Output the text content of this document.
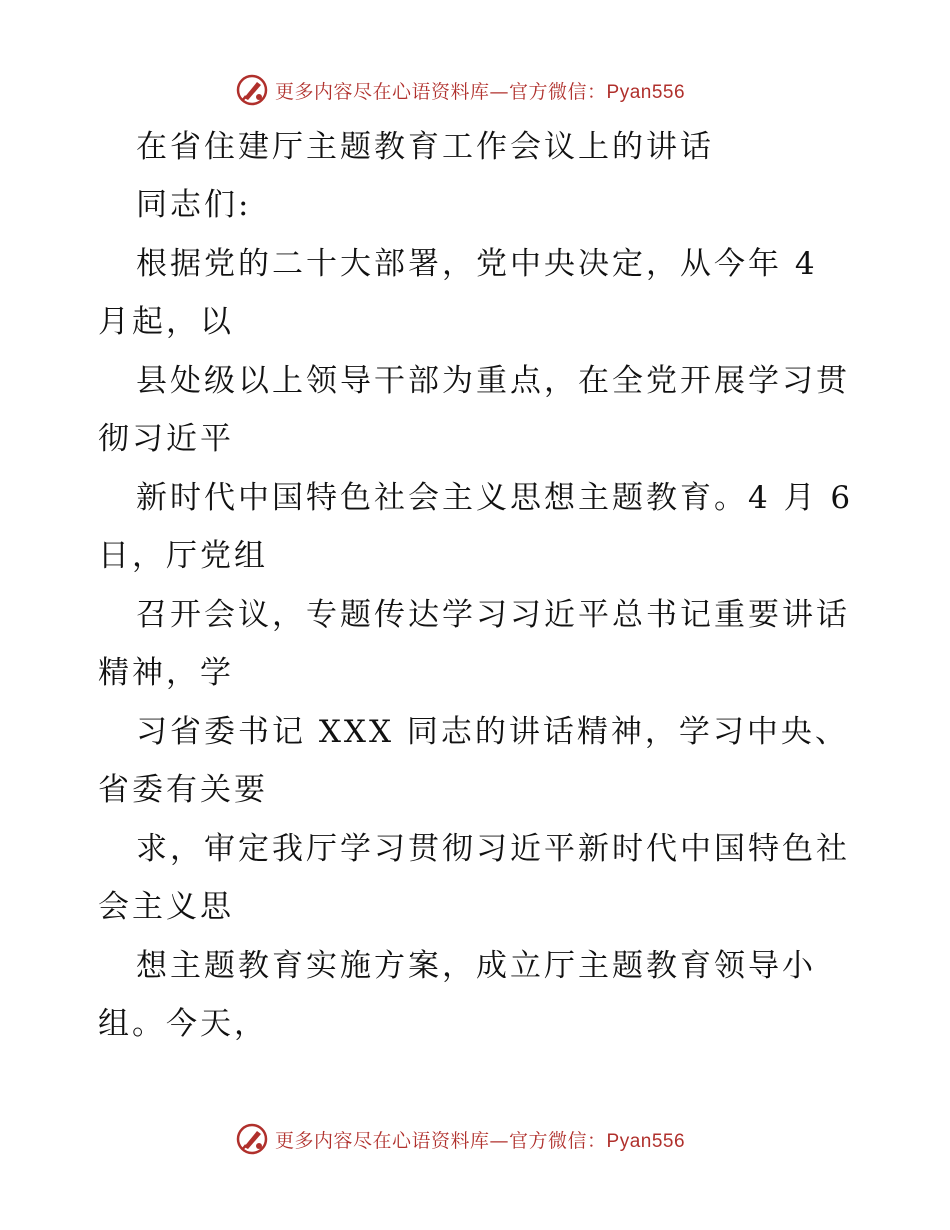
更多内容尽在心语资料库—官方微信：Pyan556
在省住建厅主题教育工作会议上的讲话
同志们:
根据党的二十大部署，党中央决定，从今年 4
月起，以
县处级以上领导干部为重点，在全党开展学习贯
彻习近平
新时代中国特色社会主义思想主题教育。4 月 6
日，厅党组
召开会议，专题传达学习习近平总书记重要讲话
精神，学
习省委书记 XXX 同志的讲话精神，学习中央、
省委有关要
求，审定我厅学习贯彻习近平新时代中国特色社
会主义思
想主题教育实施方案，成立厅主题教育领导小
组。今天，
更多内容尽在心语资料库—官方微信：Pyan556
